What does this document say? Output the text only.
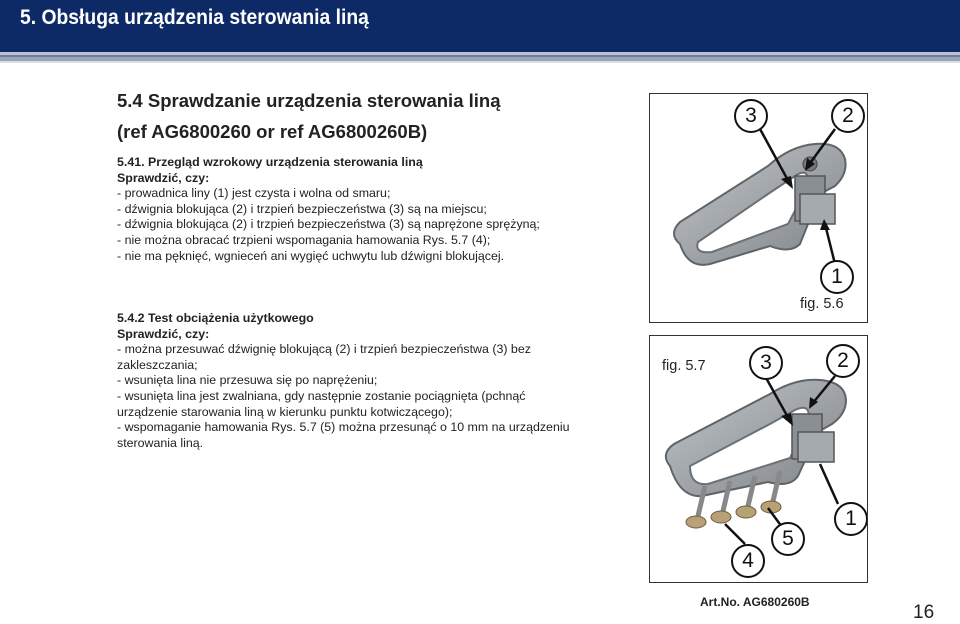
5. Obsługa urządzenia sterowania liną
5.4 Sprawdzanie urządzenia sterowania liną
(ref AG6800260 or ref AG6800260B)
5.41. Przegląd wzrokowy urządzenia sterowania liną
Sprawdzić, czy:
- prowadnica liny (1) jest czysta i wolna od smaru;
- dźwignia blokująca (2) i trzpień bezpieczeństwa (3) są na miejscu;
- dźwignia blokująca (2) i trzpień bezpieczeństwa (3) są naprężone sprężyną;
- nie można obracać trzpieni wspomagania hamowania Rys. 5.7 (4);
- nie ma pęknięć, wgnieceń ani wygięć uchwytu lub dźwigni blokującej.
5.4.2 Test obciążenia użytkowego
Sprawdzić, czy:
- można przesuwać dźwignię blokującą (2) i trzpień bezpieczeństwa (3) bez
zakleszczania;
- wsunięta lina nie przesuwa się po naprężeniu;
- wsunięta lina jest zwalniana, gdy następnie zostanie pociągnięta (pchnąć
urządzenie starowania liną w kierunku punktu kotwiczącego);
- wspomaganie hamowania Rys. 5.7 (5) można przesunąć o 10 mm na urządzeniu
sterowania liną.
3	2
1
fig. 5.6
fig. 5.7	3	2
1
5
4
Art.No. AG680260B	16
